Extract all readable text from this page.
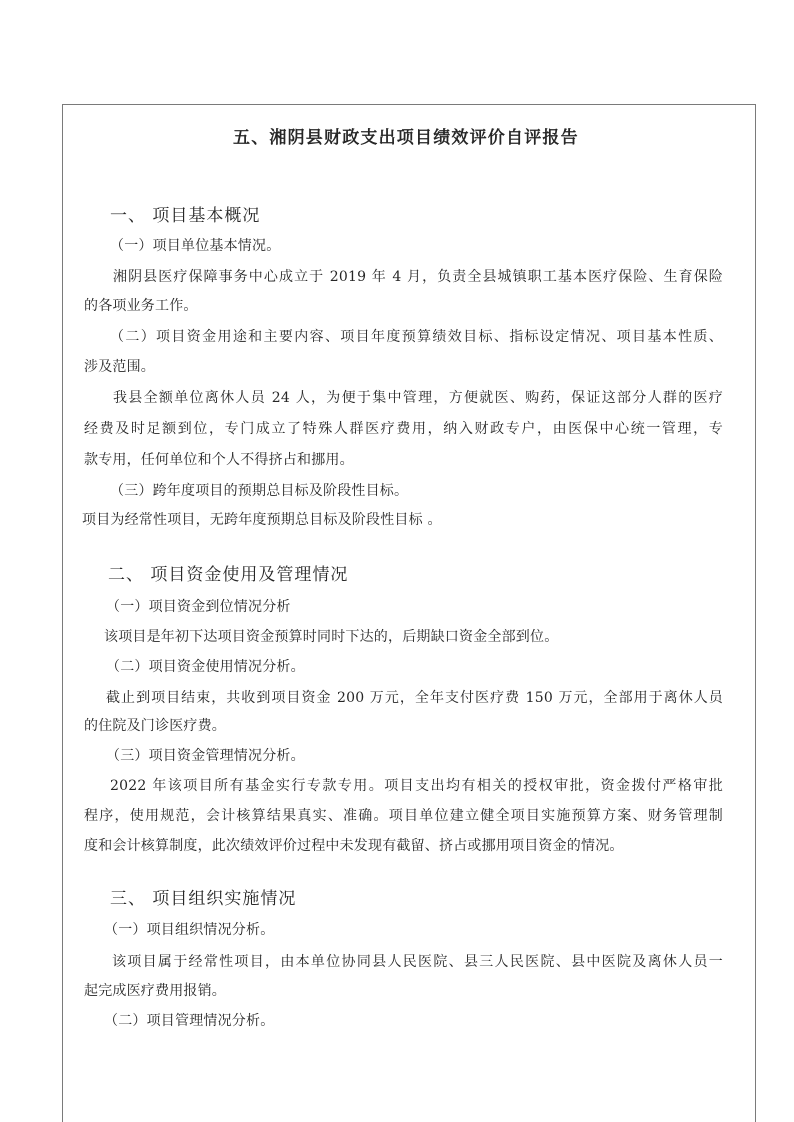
五、湘阴县财政支出项目绩效评价自评报告
一、 项目基本概况
（一）项目单位基本情况。
湘阴县医疗保障事务中心成立于 2019 年 4 月，负责全县城镇职工基本医疗保险、生育保险
的各项业务工作。
（二）项目资金用途和主要内容、项目年度预算绩效目标、指标设定情况、项目基本性质、
涉及范围。
我县全额单位离休人员 24 人，为便于集中管理，方便就医、购药，保证这部分人群的医疗
经费及时足额到位，专门成立了特殊人群医疗费用，纳入财政专户，由医保中心统一管理，专
款专用，任何单位和个人不得挤占和挪用。
（三）跨年度项目的预期总目标及阶段性目标。
项目为经常性项目，无跨年度预期总目标及阶段性目标 。
二、 项目资金使用及管理情况
（一）项目资金到位情况分析
该项目是年初下达项目资金预算时同时下达的，后期缺口资金全部到位。
（二）项目资金使用情况分析。
截止到项目结束，共收到项目资金 200 万元，全年支付医疗费 150 万元，全部用于离休人员
的住院及门诊医疗费。
（三）项目资金管理情况分析。
2022 年该项目所有基金实行专款专用。项目支出均有相关的授权审批，资金拨付严格审批
程序，使用规范，会计核算结果真实、准确。项目单位建立健全项目实施预算方案、财务管理制
度和会计核算制度，此次绩效评价过程中未发现有截留、挤占或挪用项目资金的情况。
三、 项目组织实施情况
（一）项目组织情况分析。
该项目属于经常性项目，由本单位协同县人民医院、县三人民医院、县中医院及离休人员一
起完成医疗费用报销。
（二）项目管理情况分析。
